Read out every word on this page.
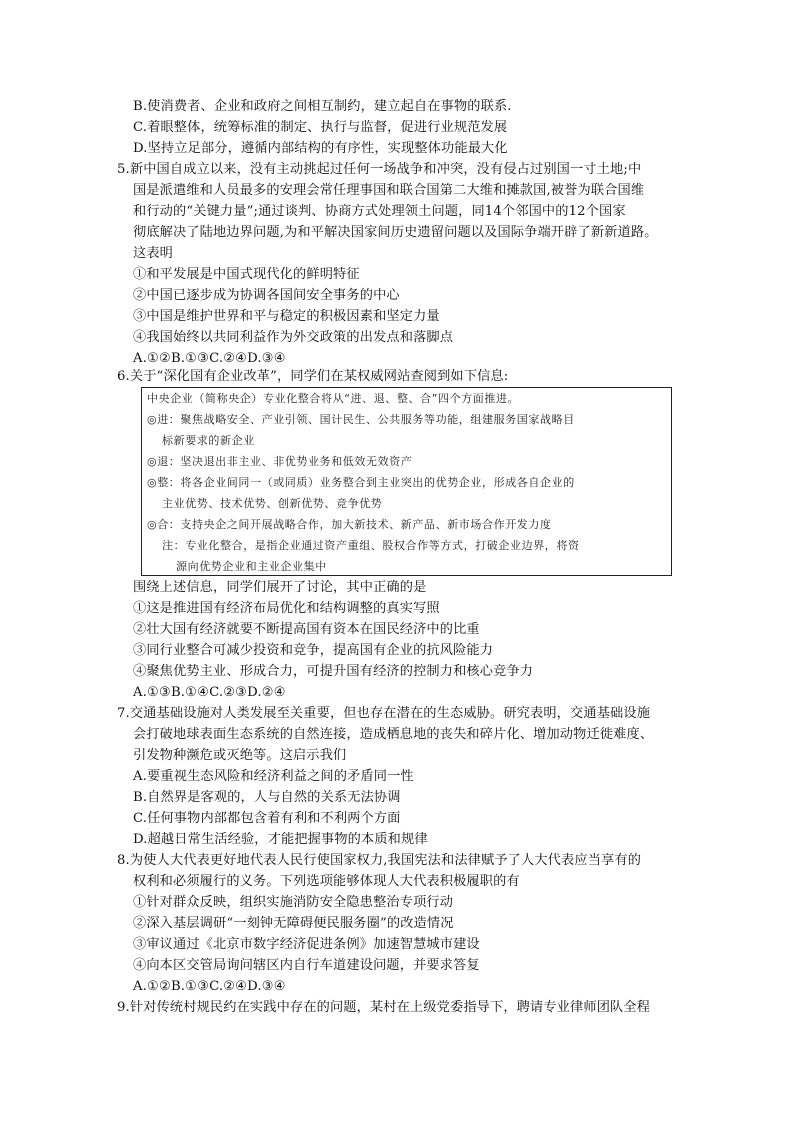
B.使消费者、企业和政府之间相互制约，建立起自在事物的联系.
C.着眼整体，统筹标准的制定、执行与监督，促进行业规范发展
D.坚持立足部分，遵循内部结构的有序性，实现整体功能最大化
5.新中国自成立以来，没有主动挑起过任何一场战争和冲突，没有侵占过别国一寸土地;中
国是派遣维和人员最多的安理会常任理事国和联合国第二大维和摊款国,被誉为联合国维
和行动的“关键力量”;通过谈判、协商方式处理领土问题，同14个邻国中的12个国家
彻底解决了陆地边界问题,为和平解决国家间历史遗留问题以及国际争端开辟了新新道路。
这表明
①和平发展是中国式现代化的鲜明特征
②中国已逐步成为协调各国间安全事务的中心
③中国是维护世界和平与稳定的积极因素和坚定力量
④我国始终以共同利益作为外交政策的出发点和落脚点
A.①②B.①③C.②④D.③④
6.关于“深化国有企业改革”，同学们在某权威网站查阅到如下信息:
中央企业（简称央企）专业化整合将从“进、退、整、合”四个方面推进。
◎进：聚焦战略安全、产业引领、国计民生、公共服务等功能，组建服务国家战略目
标新要求的新企业
◎退：坚决退出非主业、非优势业务和低效无效资产
◎整：将各企业间同一（或同质）业务整合到主业突出的优势企业，形成各自企业的
主业优势、技术优势、创新优势、竞争优势
◎合：支持央企之间开展战略合作，加大新技术、新产品、新市场合作开发力度
注：专业化整合，是指企业通过资产重组、股权合作等方式，打破企业边界，将资
源向优势企业和主业企业集中
围绕上述信息，同学们展开了讨论，其中正确的是
①这是推进国有经济布局优化和结构调整的真实写照
②壮大国有经济就要不断提高国有资本在国民经济中的比重
③同行业整合可减少投资和竞争，提高国有企业的抗风险能力
④聚焦优势主业、形成合力，可提升国有经济的控制力和核心竞争力
A.①③B.①④C.②③D.②④
7.交通基础设施对人类发展至关重要，但也存在潜在的生态威胁。研究表明，交通基础设施
会打破地球表面生态系统的自然连接，造成栖息地的丧失和碎片化、增加动物迁徙难度、
引发物种濒危或灭绝等。这启示我们
A.要重视生态风险和经济利益之间的矛盾同一性
B.自然界是客观的，人与自然的关系无法协调
C.任何事物内部都包含着有利和不利两个方面
D.超越日常生活经验，才能把握事物的本质和规律
8.为使人大代表更好地代表人民行使国家权力,我国宪法和法律赋予了人大代表应当享有的
权利和必须履行的义务。下列选项能够体现人大代表积极履职的有
①针对群众反映，组织实施消防安全隐患整治专项行动
②深入基层调研“一刻钟无障碍便民服务圈”的改造情况
③审议通过《北京市数字经济促进条例》加速智慧城市建设
④向本区交管局询问辖区内自行车道建设问题，并要求答复
A.①②B.①③C.②④D.③④
9.针对传统村规民约在实践中存在的问题，某村在上级党委指导下，聘请专业律师团队全程
